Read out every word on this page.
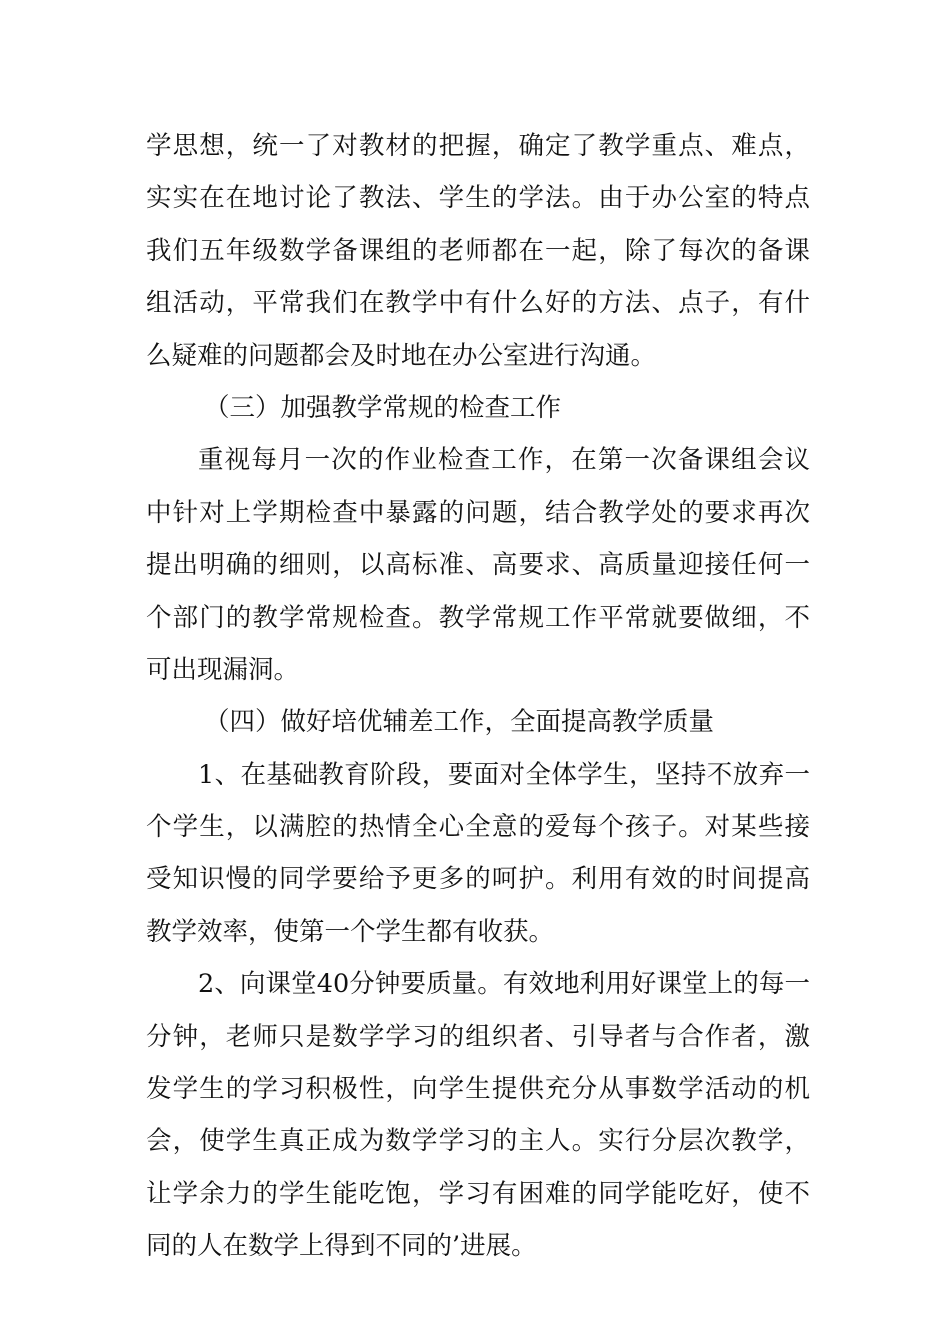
学思想，统一了对教材的把握，确定了教学重点、难点，
实实在在地讨论了教法、学生的学法。由于办公室的特点
我们五年级数学备课组的老师都在一起，除了每次的备课
组活动，平常我们在教学中有什么好的方法、点子，有什
么疑难的问题都会及时地在办公室进行沟通。
（三）加强教学常规的检查工作
重视每月一次的作业检查工作，在第一次备课组会议
中针对上学期检查中暴露的问题，结合教学处的要求再次
提出明确的细则，以高标准、高要求、高质量迎接任何一
个部门的教学常规检查。教学常规工作平常就要做细，不
可出现漏洞。
（四）做好培优辅差工作，全面提高教学质量
1、在基础教育阶段，要面对全体学生，坚持不放弃一
个学生，以满腔的热情全心全意的爱每个孩子。对某些接
受知识慢的同学要给予更多的呵护。利用有效的时间提高
教学效率，使第一个学生都有收获。
2、向课堂40分钟要质量。有效地利用好课堂上的每一
分钟，老师只是数学学习的组织者、引导者与合作者，激
发学生的学习积极性，向学生提供充分从事数学活动的机
会，使学生真正成为数学学习的主人。实行分层次教学，
让学余力的学生能吃饱，学习有困难的同学能吃好，使不
同的人在数学上得到不同的’进展。
